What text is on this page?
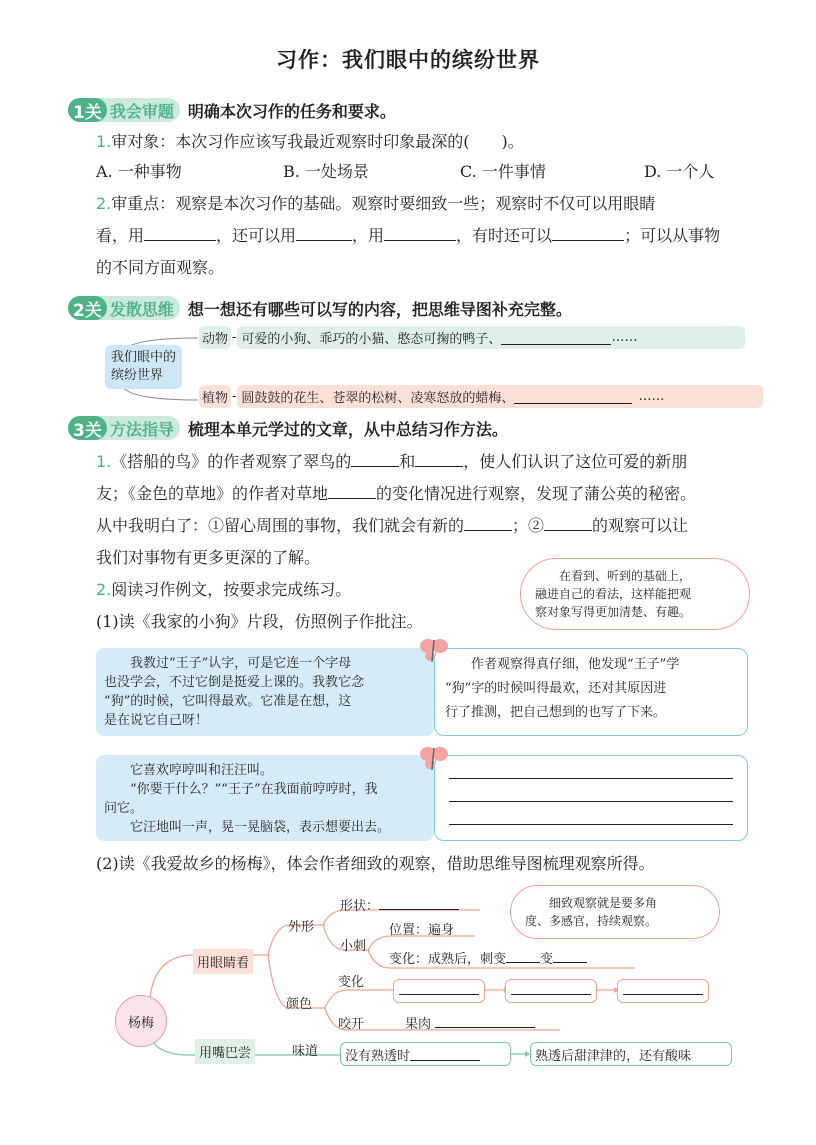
习作：我们眼中的缤纷世界
1关 我会审题 明确本次习作的任务和要求。
1.审对象：本次习作应该写我最近观察时印象最深的(　　)。
A. 一种事物	B. 一处场景	C. 一件事情	D. 一个人
2.审重点：观察是本次习作的基础。观察时要细致一些；观察时不仅可以用眼睛
看，用	，还可以用	，用	，有时还可以	；可以从事物
的不同方面观察。
2关 发散思维 想一想还有哪些可以写的内容，把思维导图补充完整。
我们眼中的
缤纷世界
动物 - 可爱的小狗、乖巧的小猫、憨态可掬的鸭子、	……
植物 - 圆鼓鼓的花生、苍翠的松树、凌寒怒放的蜡梅、	……
3关 方法指导 梳理本单元学过的文章，从中总结习作方法。
1.《搭船的鸟》的作者观察了翠鸟的	和	，使人们认识了这位可爱的新朋
友；《金色的草地》的作者对草地	的变化情况进行观察，发现了蒲公英的秘密。
从中我明白了：①留心周围的事物，我们就会有新的	；②	的观察可以让
我们对事物有更多更深的了解。
2.阅读习作例文，按要求完成练习。
　　在看到、听到的基础上，
融进自己的看法，这样能把观
察对象写得更加清楚、有趣。
(1)读《我家的小狗》片段，仿照例子作批注。
　　我教过“王子”认字，可是它连一个字母
也没学会，不过它倒是挺爱上课的。我教它念
“狗”的时候，它叫得最欢。它准是在想，这
是在说它自己呀！
　　作者观察得真仔细，他发现“王子”学
“狗”字的时候叫得最欢，还对其原因进
行了推测，把自己想到的也写了下来。
　　它喜欢哼哼叫和汪汪叫。
　　“你要干什么？”“王子”在我面前哼哼时，我
问它。
　　它汪地叫一声，晃一晃脑袋，表示想要出去。
(2)读《我爱故乡的杨梅》，体会作者细致的观察，借助思维导图梳理观察所得。
　　细致观察就是要多角
度、多感官，持续观察。
杨梅
用眼睛看
用嘴巴尝
外形
形状：
小刺
位置：遍身
变化：成熟后，刺变	变
变化
颜色
咬开	果肉
味道 没有熟透时	熟透后甜津津的，还有酸味
